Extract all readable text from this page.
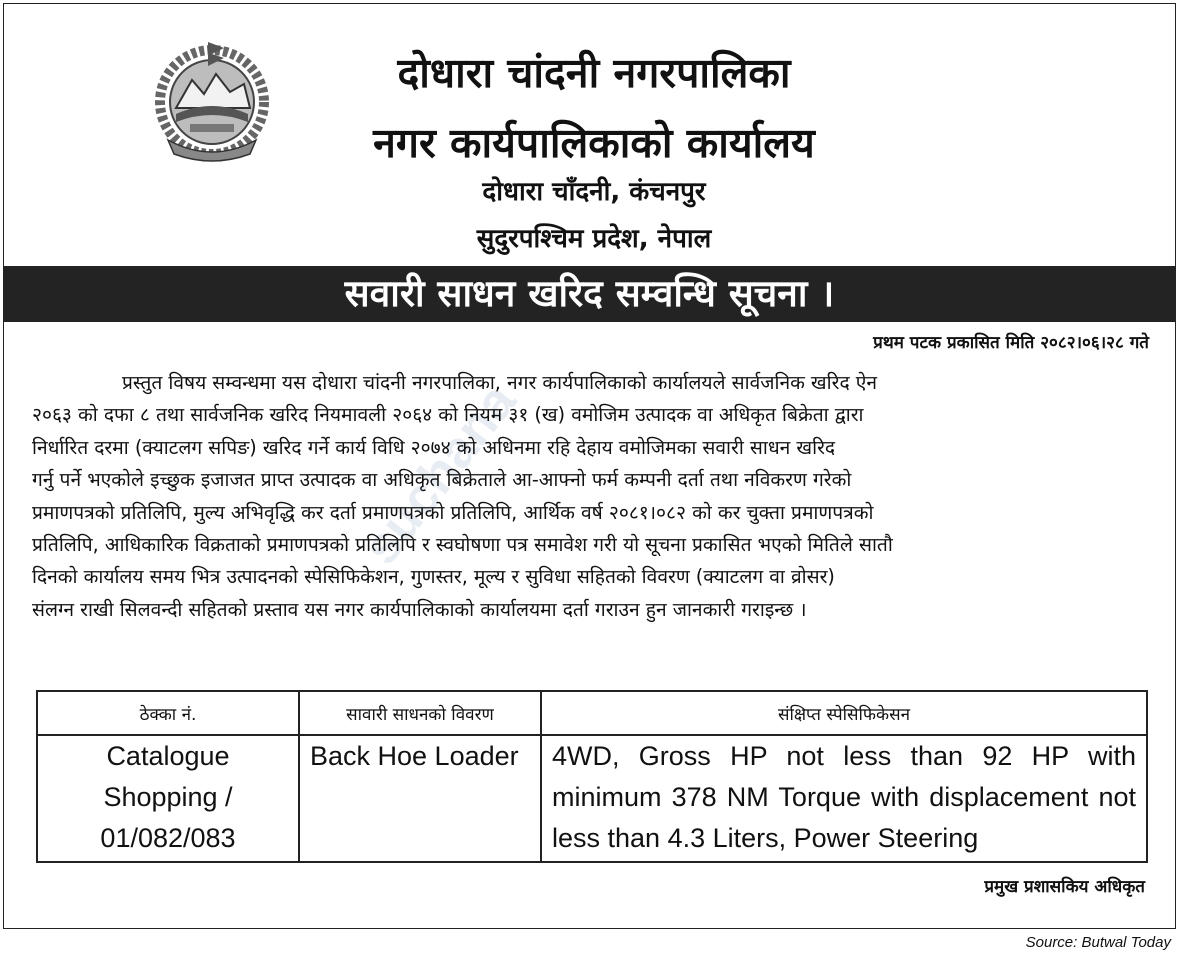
दोधारा चांदनी नगरपालिका
नगर कार्यपालिकाको कार्यालय
दोधारा चाँदनी, कंचनपुर
सुदुरपश्चिम प्रदेश, नेपाल
सवारी साधन खरिद सम्वन्धि सूचना ।
suchana
प्रथम पटक प्रकासित मिति २०८२।०६।२८ गते
प्रस्तुत विषय सम्वन्धमा यस दोधारा चांदनी नगरपालिका, नगर कार्यपालिकाको कार्यालयले सार्वजनिक खरिद ऐन
२०६३ को दफा ८ तथा सार्वजनिक खरिद नियमावली २०६४ को नियम ३१ (ख) वमोजिम उत्पादक वा अधिकृत बिक्रेता द्वारा
निर्धारित दरमा (क्याटलग सपिङ) खरिद गर्ने कार्य विधि २०७४ को अधिनमा रहि देहाय वमोजिमका सवारी साधन खरिद
गर्नु पर्ने भएकोले इच्छुक इजाजत प्राप्त उत्पादक वा अधिकृत बिक्रेताले आ-आफ्नो फर्म कम्पनी दर्ता तथा नविकरण गरेको
प्रमाणपत्रको प्रतिलिपि, मुल्य अभिवृद्धि कर दर्ता प्रमाणपत्रको प्रतिलिपि, आर्थिक वर्ष २०८१।०८२ को कर चुक्ता प्रमाणपत्रको
प्रतिलिपि, आधिकारिक विक्रताको प्रमाणपत्रको प्रतिलिपि र स्वघोषणा पत्र समावेश गरी यो सूचना प्रकासित भएको मितिले सातौ
दिनको कार्यालय समय भित्र उत्पादनको स्पेसिफिकेशन, गुणस्तर, मूल्य र सुविधा सहितको विवरण (क्याटलग वा व्रोसर)
संलग्न राखी सिलवन्दी सहितको प्रस्ताव यस नगर कार्यपालिकाको कार्यालयमा दर्ता गराउन हुन जानकारी गराइन्छ ।
ठेक्का नं.	सावारी साधनको विवरण	संक्षिप्त स्पेसिफिकेसन
Catalogue Shopping / 01/082/083	Back Hoe Loader	4WD, Gross HP not less than 92 HP with minimum 378 NM Torque with displacement not less than 4.3 Liters, Power Steering
प्रमुख प्रशासकिय अधिकृत
Source: Butwal Today
